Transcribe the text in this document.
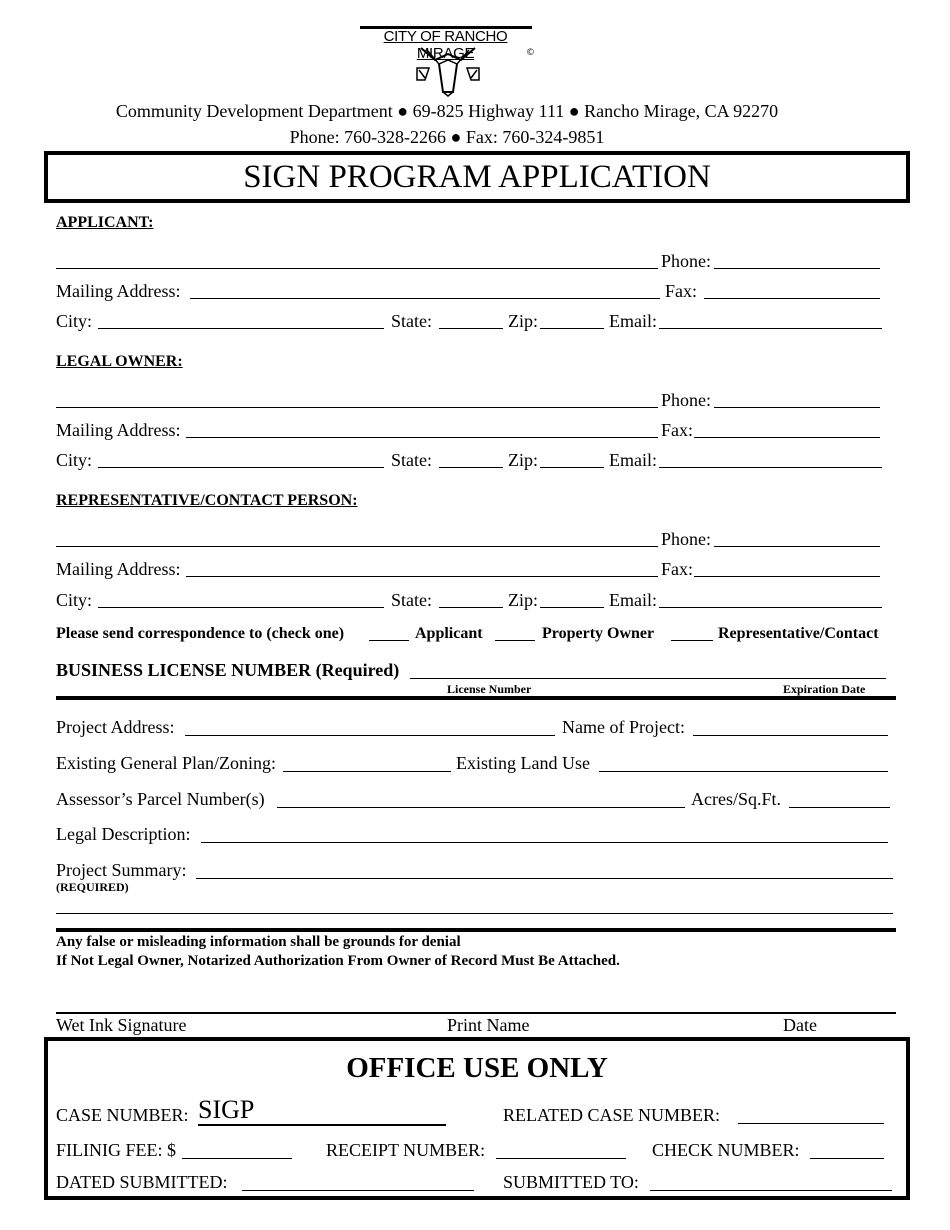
CITY OF RANCHO MIRAGE	©
Community Development Department ● 69-825 Highway 111 ● Rancho Mirage, CA 92270
Phone: 760-328-2266 ● Fax: 760-324-9851
SIGN PROGRAM APPLICATION
APPLICANT:
Phone:
Mailing Address:	Fax:
City:	State:	Zip:	Email:
LEGAL OWNER:
Phone:
Mailing Address:	Fax:
City:	State:	Zip:	Email:
REPRESENTATIVE/CONTACT PERSON:
Phone:
Mailing Address:	Fax:
City:	State:	Zip:	Email:
Please send correspondence to (check one)	Applicant	Property Owner	Representative/Contact
BUSINESS LICENSE NUMBER (Required)
License Number	Expiration Date
Project Address:	Name of Project:
Existing General Plan/Zoning:	Existing Land Use
Assessor’s Parcel Number(s)	Acres/Sq.Ft.
Legal Description:
Project Summary:
(REQUIRED)
Any false or misleading information shall be grounds for denial
If Not Legal Owner, Notarized Authorization From Owner of Record Must Be Attached.
Wet Ink Signature	Print Name	Date
OFFICE USE ONLY
CASE NUMBER: SIGP	RELATED CASE NUMBER:
FILINIG FEE: $	RECEIPT NUMBER:	CHECK NUMBER:
DATED SUBMITTED:	SUBMITTED TO:
